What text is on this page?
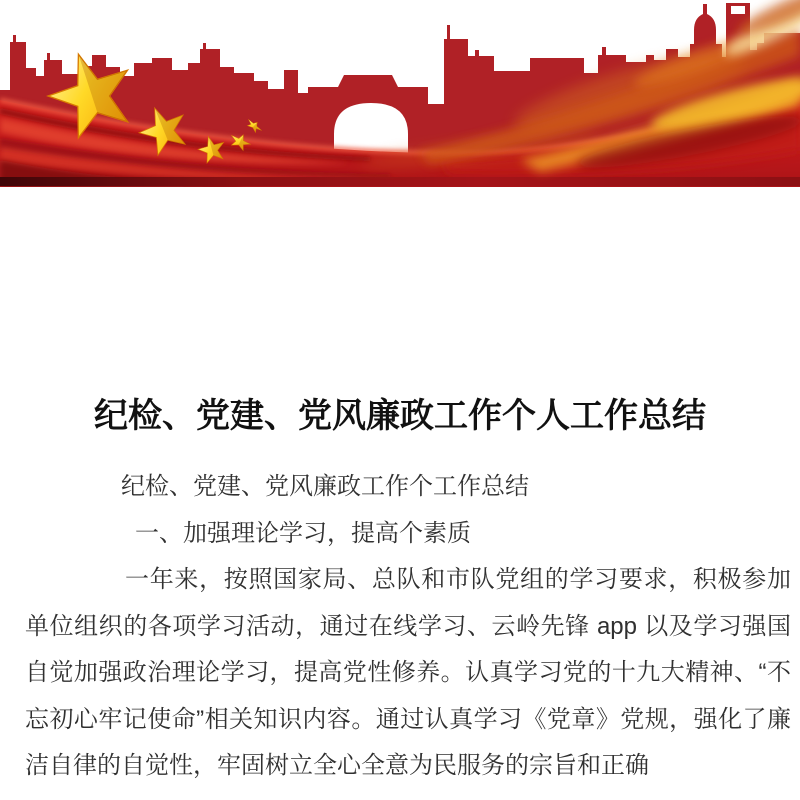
纪检、党建、党风廉政工作个人工作总结

纪检、党建、党风廉政工作个工作总结

一、加强理论学习，提高个素质

一年来，按照国家局、总队和市队党组的学习要求，积极参加单位组织的各项学习活动，通过在线学习、云岭先锋 app 以及学习强国自觉加强政治理论学习，提高党性修养。认真学习党的十九大精神、“不忘初心牢记使命”相关知识内容。通过认真学习《党章》党规，强化了廉洁自律的自觉性，牢固树立全心全意为民服务的宗旨和正确
